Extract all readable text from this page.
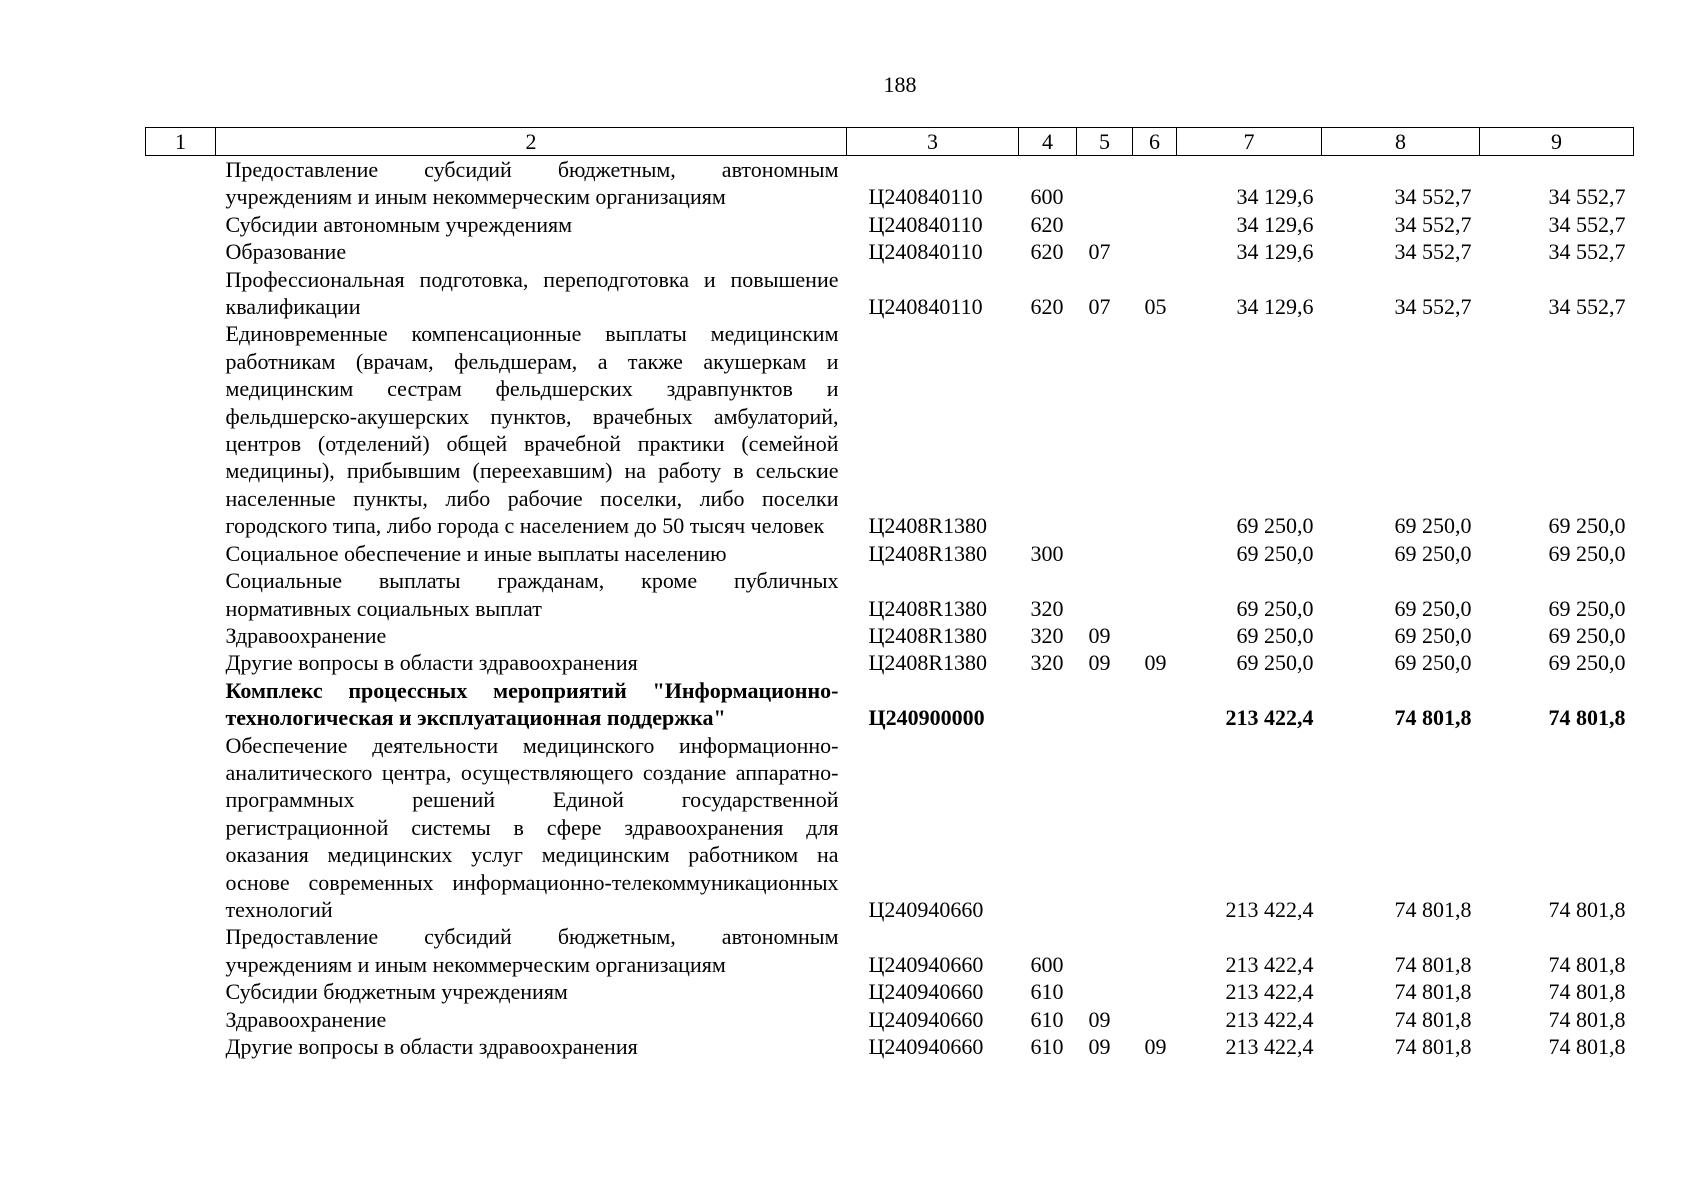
188
1	2	3	4	5	6	7	8	9
	Предоставление субсидий бюджетным, автономным учреждениям и иным некоммерческим организациям	Ц240840110	600			34 129,6	34 552,7	34 552,7
	Субсидии автономным учреждениям	Ц240840110	620			34 129,6	34 552,7	34 552,7
	Образование	Ц240840110	620	07		34 129,6	34 552,7	34 552,7
	Профессиональная подготовка, переподготовка и повышение квалификации	Ц240840110	620	07	05	34 129,6	34 552,7	34 552,7
	Единовременные компенсационные выплаты медицинским работникам (врачам, фельдшерам, а также акушеркам и медицинским сестрам фельдшерских здравпунктов и фельдшерско-акушерских пунктов, врачебных амбулаторий, центров (отделений) общей врачебной практики (семейной медицины), прибывшим (переехавшим) на работу в сельские населенные пункты, либо рабочие поселки, либо поселки городского типа, либо города с населением до 50 тысяч человек	Ц2408R1380				69 250,0	69 250,0	69 250,0
	Социальное обеспечение и иные выплаты населению	Ц2408R1380	300			69 250,0	69 250,0	69 250,0
	Социальные выплаты гражданам, кроме публичных нормативных социальных выплат	Ц2408R1380	320			69 250,0	69 250,0	69 250,0
	Здравоохранение	Ц2408R1380	320	09		69 250,0	69 250,0	69 250,0
	Другие вопросы в области здравоохранения	Ц2408R1380	320	09	09	69 250,0	69 250,0	69 250,0
	Комплекс процессных мероприятий "Информационно-технологическая и эксплуатационная поддержка"	Ц240900000				213 422,4	74 801,8	74 801,8
	Обеспечение деятельности медицинского информационно-аналитического центра, осуществляющего создание аппаратно-программных решений Единой государственной регистрационной системы в сфере здравоохранения для оказания медицинских услуг медицинским работником на основе современных информационно-телекоммуникационных технологий	Ц240940660				213 422,4	74 801,8	74 801,8
	Предоставление субсидий бюджетным, автономным учреждениям и иным некоммерческим организациям	Ц240940660	600			213 422,4	74 801,8	74 801,8
	Субсидии бюджетным учреждениям	Ц240940660	610			213 422,4	74 801,8	74 801,8
	Здравоохранение	Ц240940660	610	09		213 422,4	74 801,8	74 801,8
	Другие вопросы в области здравоохранения	Ц240940660	610	09	09	213 422,4	74 801,8	74 801,8
